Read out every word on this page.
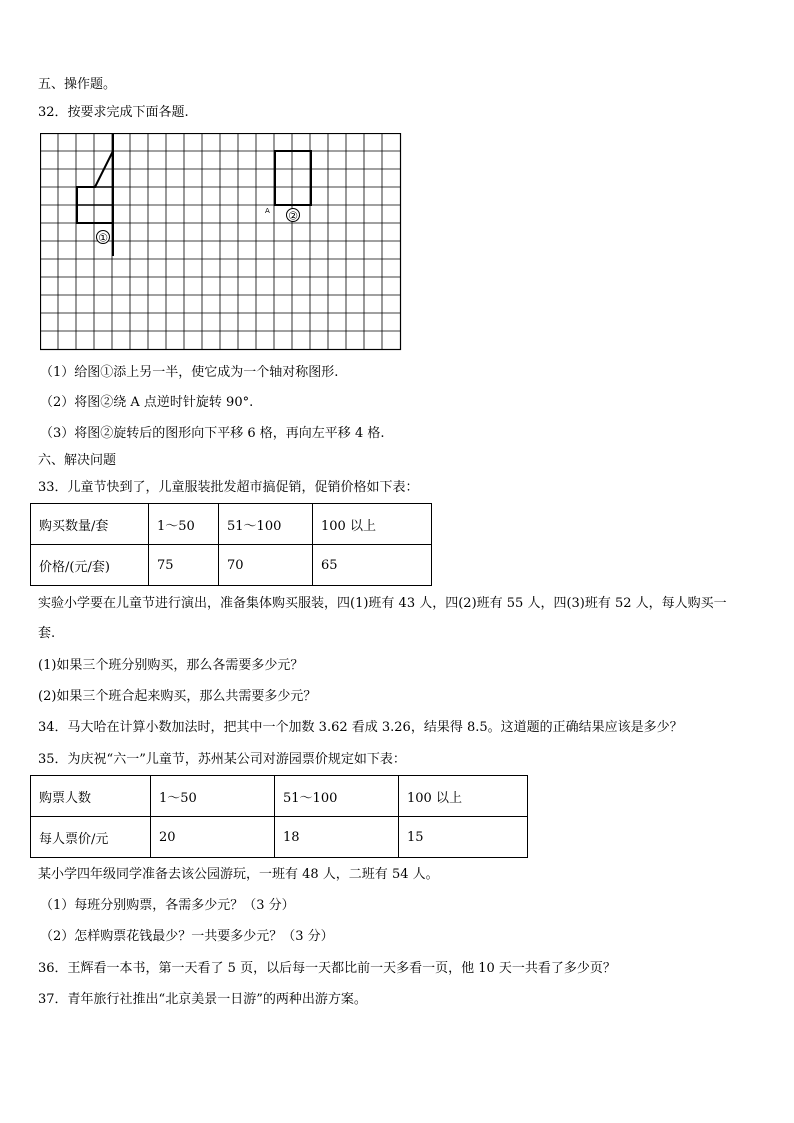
五、操作题。
32．按要求完成下面各题.
①
②
A
（1）给图①添上另一半，使它成为一个轴对称图形.
（2）将图②绕 A 点逆时针旋转 90°.
（3）将图②旋转后的图形向下平移 6 格，再向左平移 4 格.
六、解决问题
33．儿童节快到了，儿童服装批发超市搞促销，促销价格如下表：
购买数量/套	1～50	51～100	100 以上
价格/(元/套)	75	70	65
实验小学要在儿童节进行演出，准备集体购买服装，四(1)班有 43 人，四(2)班有 55 人，四(3)班有 52 人，每人购买一
套.
(1)如果三个班分别购买，那么各需要多少元？
(2)如果三个班合起来购买，那么共需要多少元？
34．马大哈在计算小数加法时，把其中一个加数 3.62 看成 3.26，结果得 8.5。这道题的正确结果应该是多少？
35．为庆祝“六一”儿童节，苏州某公司对游园票价规定如下表：
购票人数	1～50	51～100	100 以上
每人票价/元	20	18	15
某小学四年级同学准备去该公园游玩，一班有 48 人，二班有 54 人。
（1）每班分别购票，各需多少元？（3 分）
（2）怎样购票花钱最少？一共要多少元？（3 分）
36．王辉看一本书，第一天看了 5 页，以后每一天都比前一天多看一页，他 10 天一共看了多少页？
37．青年旅行社推出“北京美景一日游”的两种出游方案。
